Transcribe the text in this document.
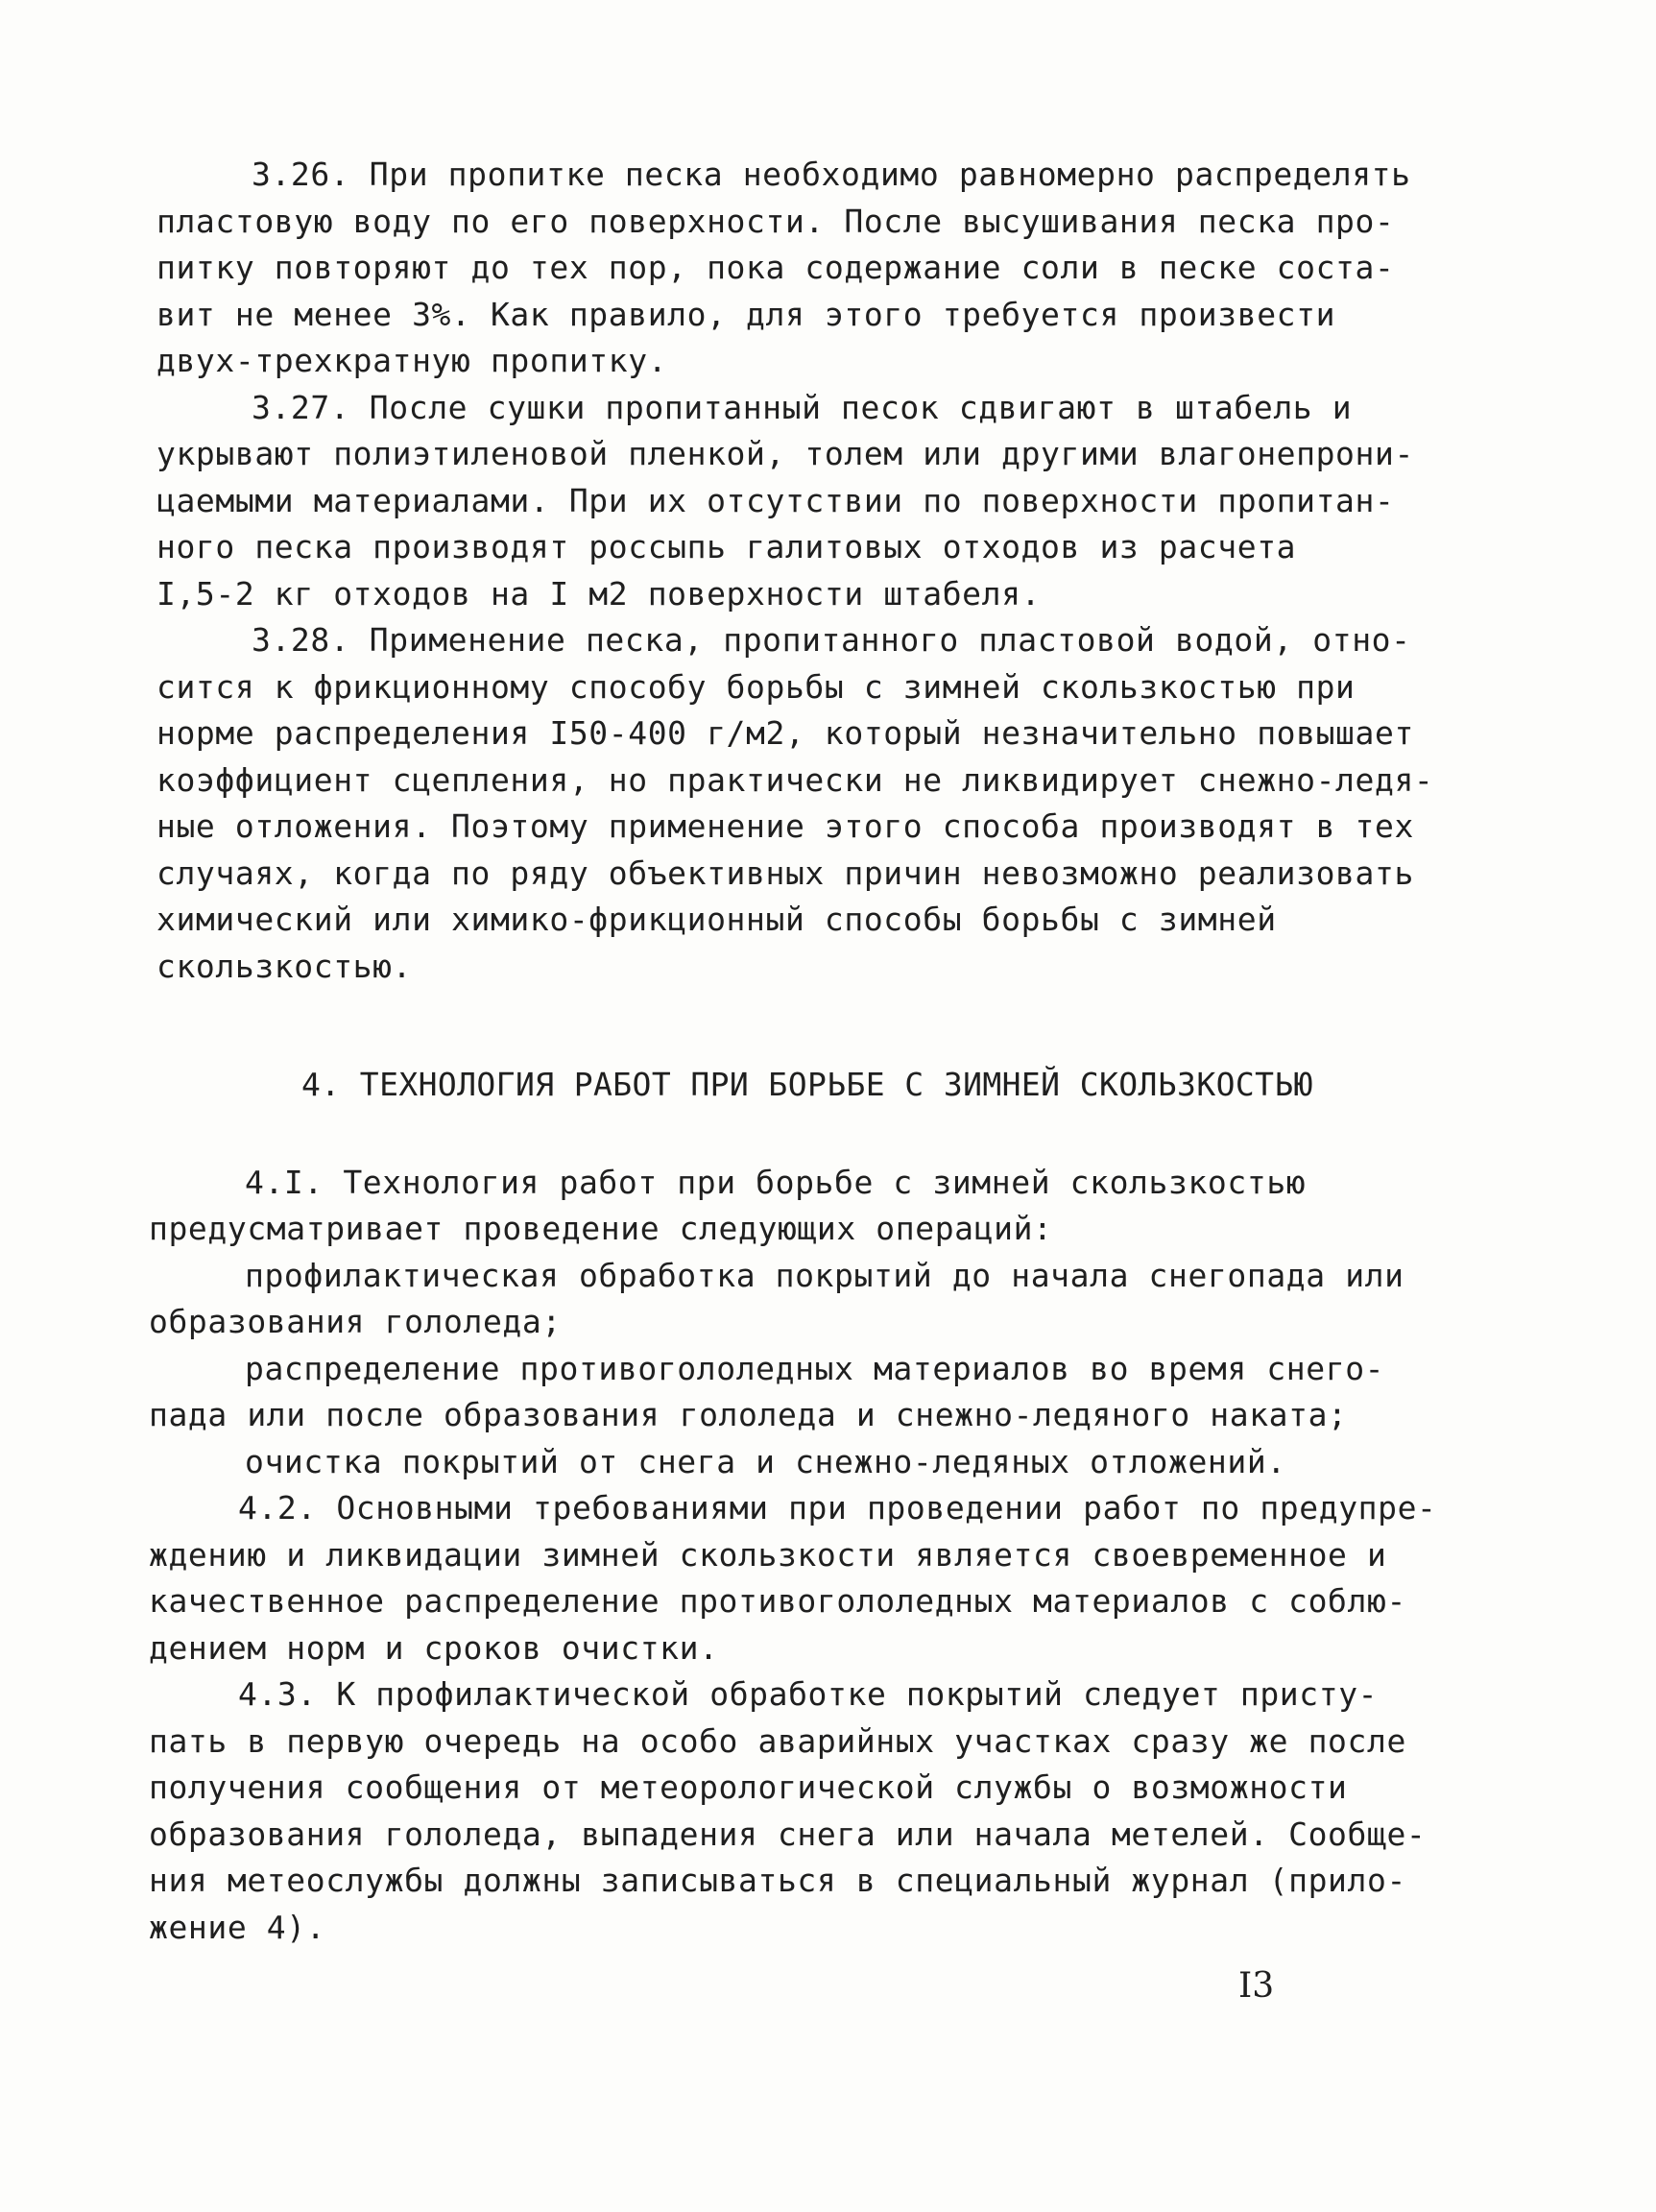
3.26. При пропитке песка необходимо равномерно распределять
пластовую воду по его поверхности. После высушивания песка про-
питку повторяют до тех пор, пока содержание соли в песке соста-
вит не менее 3%. Как правило, для этого требуется произвести
двух-трехкратную пропитку.
3.27. После сушки пропитанный песок сдвигают в штабель и
укрывают полиэтиленовой пленкой, толем или другими влагонепрони-
цаемыми материалами. При их отсутствии по поверхности пропитан-
ного песка производят россыпь галитовых отходов из расчета
I,5-2 кг отходов на I м2 поверхности штабеля.
3.28. Применение песка, пропитанного пластовой водой, отно-
сится к фрикционному способу борьбы с зимней скользкостью при
норме распределения I50-400 г/м2, который незначительно повышает
коэффициент сцепления, но практически не ликвидирует снежно-ледя-
ные отложения. Поэтому применение этого способа производят в тех
случаях, когда по ряду объективных причин невозможно реализовать
химический или химико-фрикционный способы борьбы с зимней
скользкостью.
4. ТЕХНОЛОГИЯ РАБОТ ПРИ БОРЬБЕ С ЗИМНЕЙ СКОЛЬЗКОСТЬЮ
4.I. Технология работ при борьбе с зимней скользкостью
предусматривает проведение следующих операций:
профилактическая обработка покрытий до начала снегопада или
образования гололеда;
распределение противогололедных материалов во время снего-
пада или после образования гололеда и снежно-ледяного наката;
очистка покрытий от снега и снежно-ледяных отложений.
4.2. Основными требованиями при проведении работ по предупре-
ждению и ликвидации зимней скользкости является своевременное и
качественное распределение противогололедных материалов с соблю-
дением норм и сроков очистки.
4.3. К профилактической обработке покрытий следует присту-
пать в первую очередь на особо аварийных участках сразу же после
получения сообщения от метеорологической службы о возможности
образования гололеда, выпадения снега или начала метелей. Сообще-
ния метеослужбы должны записываться в специальный журнал (прило-
жение 4).
I3
